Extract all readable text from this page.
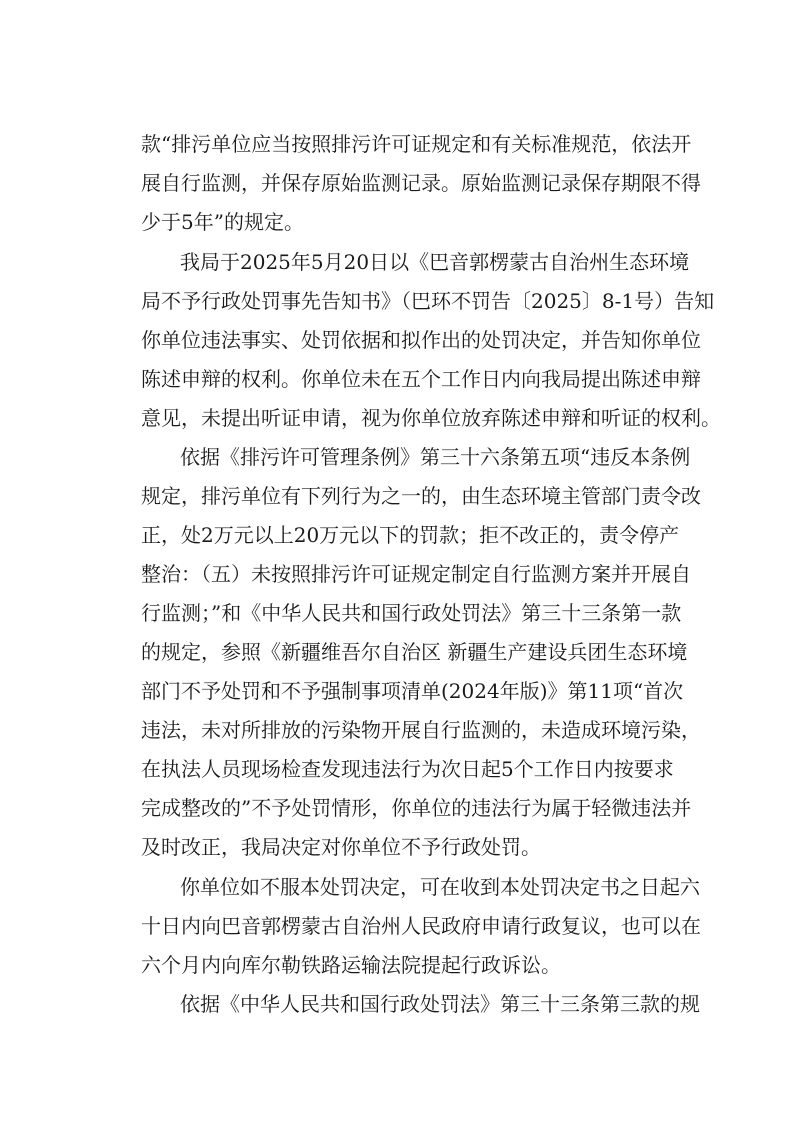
款“排污单位应当按照排污许可证规定和有关标准规范，依法开
展自行监测，并保存原始监测记录。原始监测记录保存期限不得
少于5年”的规定。
我局于2025年5月20日以《巴音郭楞蒙古自治州生态环境
局不予行政处罚事先告知书》（巴环不罚告〔2025〕8-1号）告知
你单位违法事实、处罚依据和拟作出的处罚决定，并告知你单位
陈述申辩的权利。你单位未在五个工作日内向我局提出陈述申辩
意见，未提出听证申请，视为你单位放弃陈述申辩和听证的权利。
依据《排污许可管理条例》第三十六条第五项“违反本条例
规定，排污单位有下列行为之一的，由生态环境主管部门责令改
正，处2万元以上20万元以下的罚款；拒不改正的，责令停产
整治：（五）未按照排污许可证规定制定自行监测方案并开展自
行监测；”和《中华人民共和国行政处罚法》第三十三条第一款
的规定，参照《新疆维吾尔自治区 新疆生产建设兵团生态环境
部门不予处罚和不予强制事项清单(2024年版)》第11项“首次
违法，未对所排放的污染物开展自行监测的，未造成环境污染，
在执法人员现场检查发现违法行为次日起5个工作日内按要求
完成整改的”不予处罚情形，你单位的违法行为属于轻微违法并
及时改正，我局决定对你单位不予行政处罚。
你单位如不服本处罚决定，可在收到本处罚决定书之日起六
十日内向巴音郭楞蒙古自治州人民政府申请行政复议，也可以在
六个月内向库尔勒铁路运输法院提起行政诉讼。
依据《中华人民共和国行政处罚法》第三十三条第三款的规
